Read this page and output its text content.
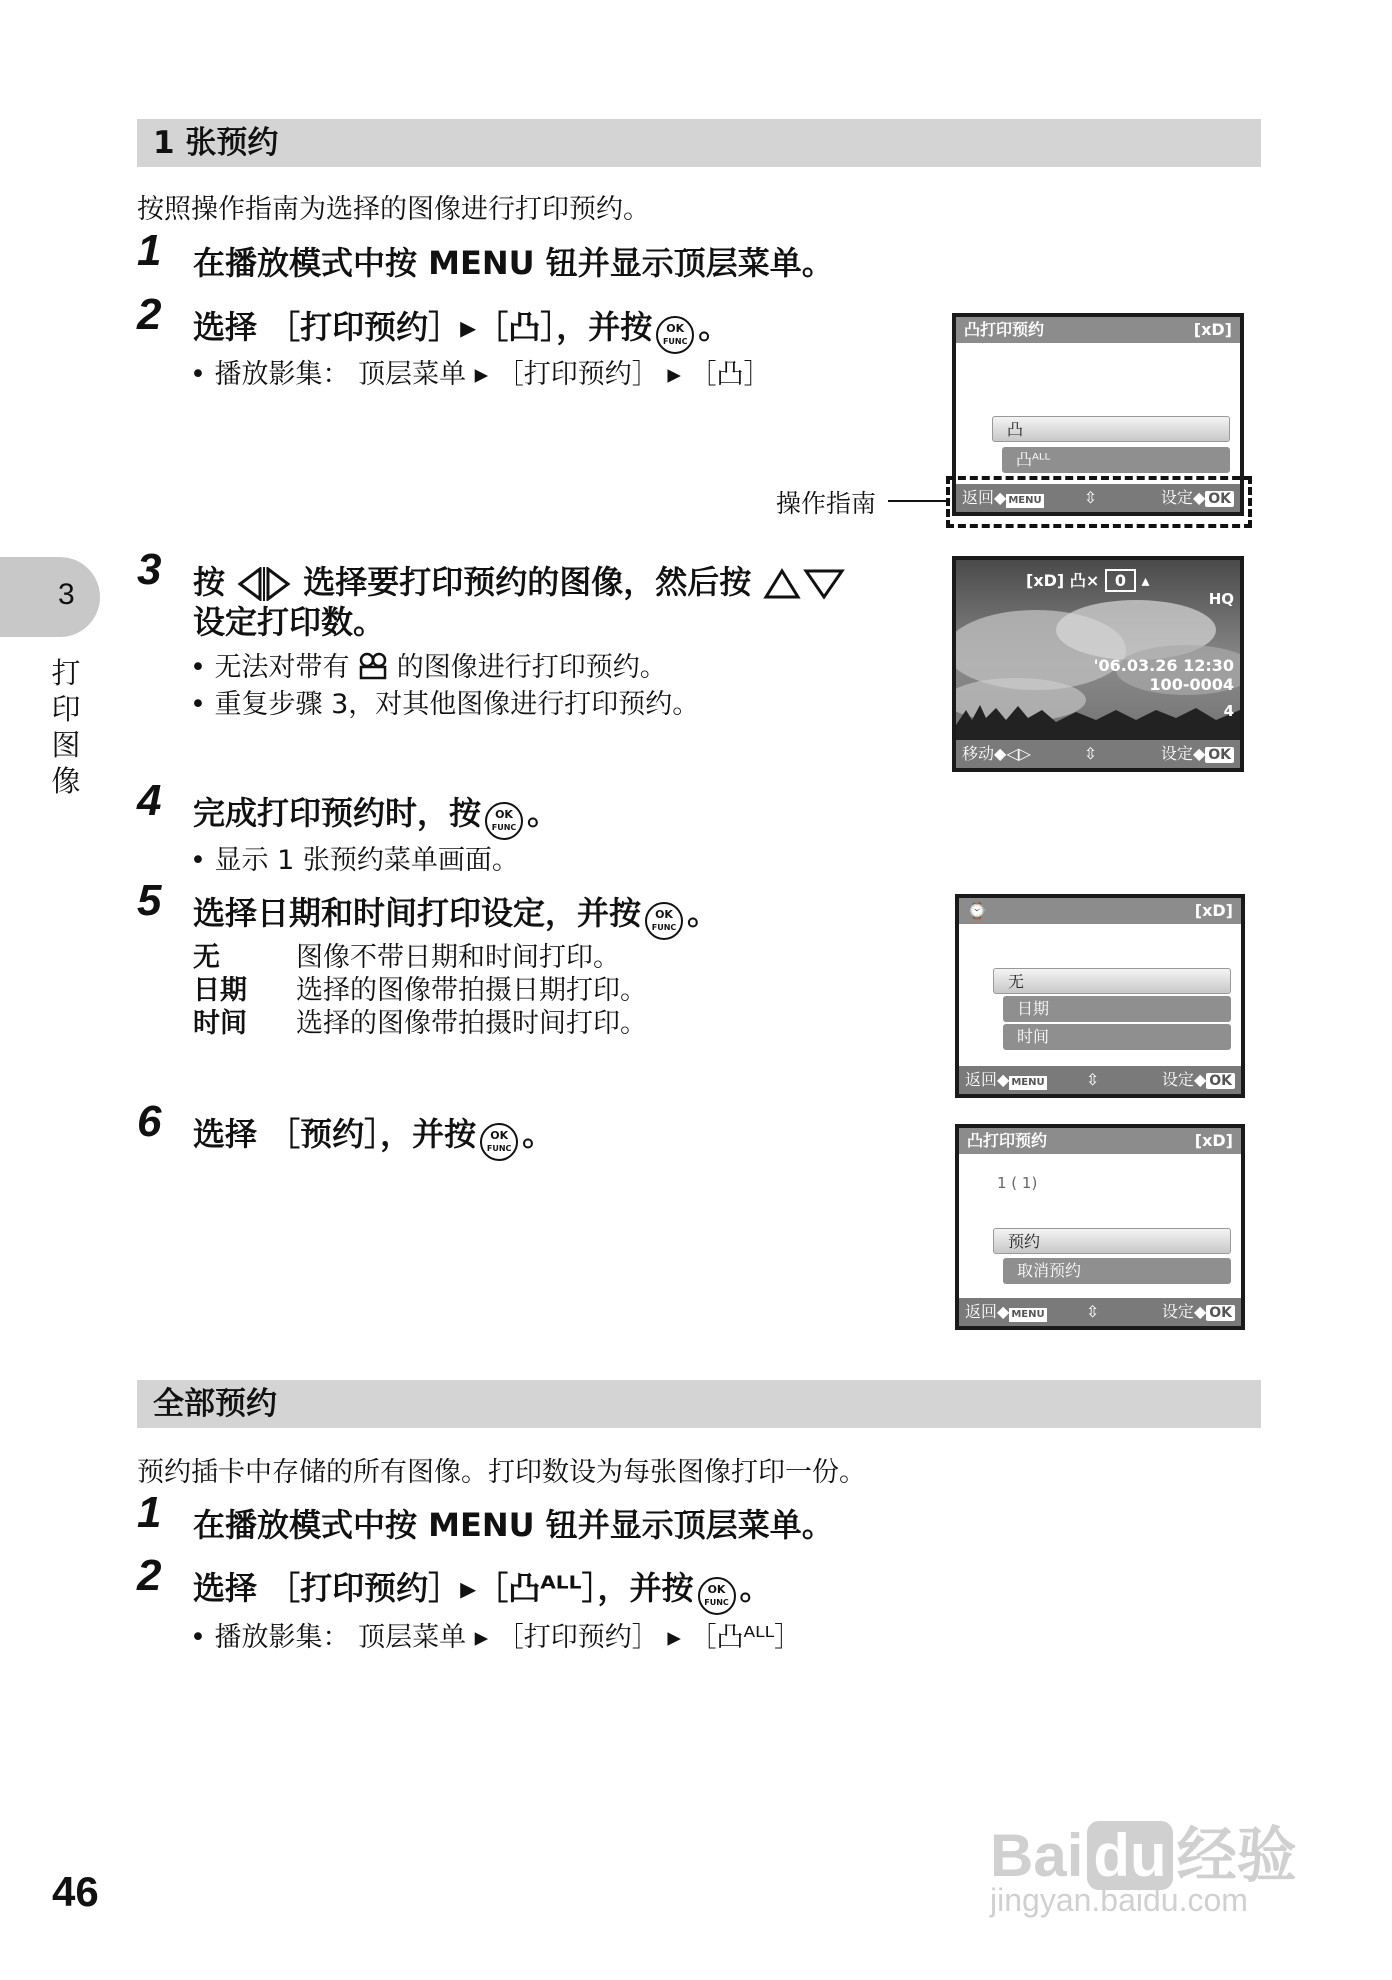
1 张预约
按照操作指南为选择的图像进行打印预约。
1 在播放模式中按 MENU 钮并显示顶层菜单。
2 选择 ［打印预约］▸［凸］，并按	OK
FUNC 。
• 播放影集： 顶层菜单 ▸ ［打印预约］ ▸ ［凸］
凸打印预约	[xD]
凸
凸ᴬᴸᴸ
返回◆ MENU	⇳	设定◆ OK
操作指南
3 按 选择要打印预约的图像，然后按
设定打印数。
• 无法对带有 的图像进行打印预约。
• 重复步骤 3，对其他图像进行打印预约。
[xD] 凸× 0 ▴
HQ
'06.03.26 12:30
100-0004
4
移动◆◁▷	⇳	设定◆ OK
4 完成打印预约时，按	OK
FUNC 。
• 显示 1 张预约菜单画面。
5 选择日期和时间打印设定，并按	OK
FUNC 。
无	图像不带日期和时间打印。
日期 选择的图像带拍摄日期打印。
时间 选择的图像带拍摄时间打印。
⌚	[xD]
无
日期
时间
返回◆ MENU	⇳	设定◆ OK
6 选择 ［预约］，并按	OK
FUNC 。	凸打印预约	[xD]
1 ( 1)
预约
取消预约
返回◆ MENU	⇳	设定◆ OK
全部预约
预约插卡中存储的所有图像。打印数设为每张图像打印一份。
1 在播放模式中按 MENU 钮并显示顶层菜单。
2 选择 ［打印预约］▸［凸ᴬᴸᴸ］，并按	OK
FUNC 。
• 播放影集： 顶层菜单 ▸ ［打印预约］ ▸ ［凸ᴬᴸᴸ］
3
打印图像
46
Bai du 经验
jingyan.baidu.com
